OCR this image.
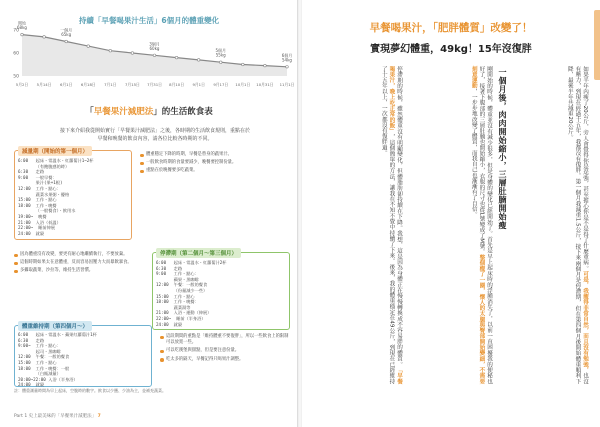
持續「早餐喝果汁生活」6個月的體重變化
70
60
50
5月2日 5月14日 6月1日 6月18日 7月1日 7月15日 7月31日 8月10日 9月1日 9月17日 10月1日 10月31日 11月1日
開始
68kg	一個月
65kg
3個月
60kg	5個月
55kg	6個月
54kg
「早餐果汁減肥法」的生活飲食表
接下來介紹我從開始實行「早餐果汁減肥法」之後，各時期的生活飲食規則，重點在於早餐和晚餐的飲食內容，請各位比較各時期的不同。
減量期（開始的第一個月）
6:00   起床・常溫水・紅蘿蔔汁1~2杯
（有飽腹感的時）
6:30   走路
9:00   一般早餐：
果汁(果+1根)
12:00  工作・點心：
蔬菜水果粥・優格
15:00  工作・點心
18:00  工作・晚餐
（一般餐食）・飲用水
19:00~  晚餐
21:00  入浴（低溫）
22:00~  睡前伸展
24:00  就寢
體重穩定下降的時期，早餐是替身的蔬果汁。
一般飲食時期的食量要減少，晚餐要控制份量。
重點在於晚餐要多吃蔬菜。
停滯期（第二個月～第三個月）
6:00   起床・常溫水・紅蘿蔔汁2杯
6:30   走路
9:00   工作・點心：
蘋果・黑咖啡
12:00  午餐：一般的餐食
（份量減少一些）
15:00  工作・點心
18:00  工作・晚餐：
蔬菜湯等
21:00  入浴・運動（伸展）
22:00~  睡前（半身浴）
24:00  就寢
因為體重沒有改變，要更有耐心地繼續執行，不要放棄。
這個時期如果太在意體重，反而容易因壓力大而暴飲暴食。
多攝取蔬菜、沙拉等，維持生活習慣。
體重維持期（第四個月～）
6:00   起床・常溫水・蘋果紅蘿蔔汁1杯
6:30   走路
9:00~  工作・點心：
起司・黑咖啡
12:00  午餐：一般的餐食
15:00  工作・點心
18:00  工作・晚餐：一般
（白飯減量）
20:00~22:00 入浴（半身浴）
24:00  就寢
這段期間的重點是「維持體重不要復胖」，所以一些飲食上的限制可以放寬一些。
可以吃漢堡與甜點，但是要注意份量。
吃太多的隔天，早餐記得只喝果汁調整。
註：體重測量時間為早上起床，空腹時的數字。飲食以少鹽、少油為主，並補充蔬菜。
Part 1 史上最美味的「早餐果汁減肥法」 7
早餐喝果汁，「肥胖體質」改變了！
實現夢幻體重，49kg！15年沒復胖
如果半年內瘦了20公斤，旁人會覺得你是逞強，甚至擔心你是不是得了什麼重病。可是，我瘦得非常自然，而且沒有勉強，也沒有壓力，到現在經過十五年，我都沒有復胖。第一個月我減重1.5公斤，接下來兩個月是停滯期，但在第四個月後開始體重順利下降，最後半年共減重20公斤。
一個月後，肉肉開始縮小，三層肚腩開始瘦
剛開始的時候，體重並沒有減少很多，但是身體的變化已經開始了。首先是早上起床時的浮腫消失了，以前一直困擾我的便秘也好了，接著下腹部的三層肚腩也開始縮小，衣服的尺寸也從L號變成了M號。整個瘦了一圈，懷人的太腿與臀部開始變細，不需要刻意運動，一步步地改變了體質，而我自己也漸漸有了自信。
停滯期的時候，雖然體重沒有明顯變化，但體脂肪卻持續在下降。我想，這是因為身體正在慢慢轉換成不容易胖的體質。「早餐喝果汁，晚上吃正常的飯」，這個簡單的方法，讓我在不知不覺中持續了下來。後來，我的體重穩定在49公斤，到現在已經維持了十五年以上，一次都沒有復胖過。
